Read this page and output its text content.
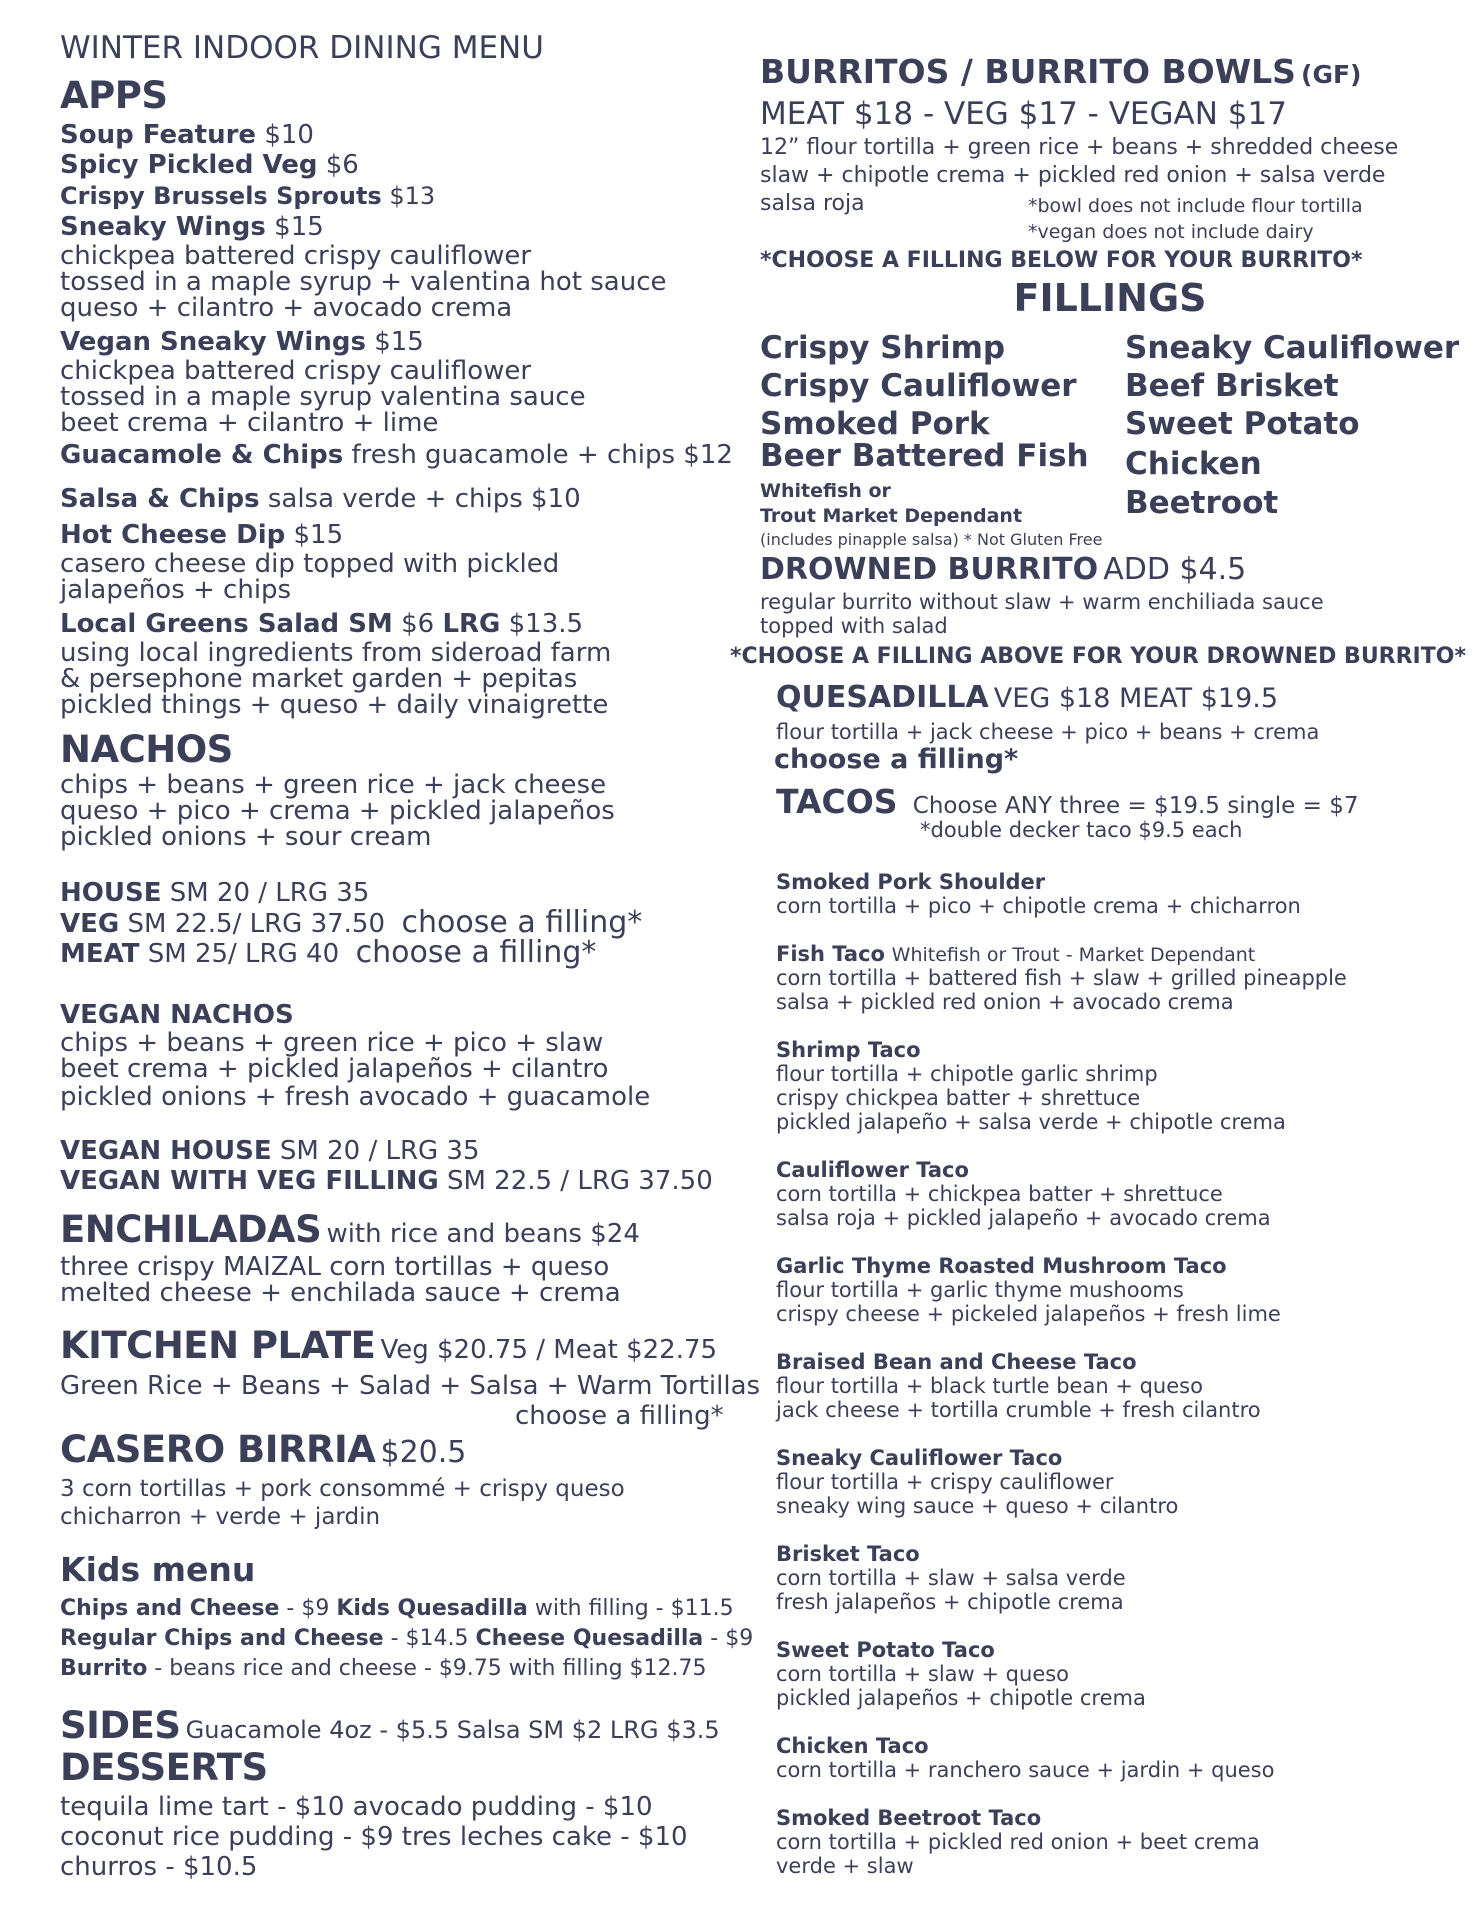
WINTER INDOOR DINING MENU
APPS
Soup Feature $10
Spicy Pickled Veg $6
Crispy Brussels Sprouts $13
Sneaky Wings $15
chickpea battered crispy cauliflower
tossed in a maple syrup + valentina hot sauce
queso + cilantro + avocado crema
Vegan Sneaky Wings $15
chickpea battered crispy cauliflower
tossed in a maple syrup valentina sauce
beet crema + cilantro + lime
Guacamole & Chips fresh guacamole + chips $12
Salsa & Chips salsa verde + chips $10
Hot Cheese Dip $15
casero cheese dip topped with pickled
jalapeños + chips
Local Greens Salad SM $6 LRG $13.5
using local ingredients from sideroad farm
& persephone market garden + pepitas
pickled things + queso + daily vinaigrette
NACHOS
chips + beans + green rice + jack cheese
queso + pico + crema + pickled jalapeños
pickled onions + sour cream
HOUSE SM 20 / LRG 35
VEG SM 22.5/ LRG 37.50 choose a filling*
MEAT SM 25/ LRG 40 choose a filling*
VEGAN NACHOS
chips + beans + green rice + pico + slaw
beet crema + pickled jalapeños + cilantro
pickled onions + fresh avocado + guacamole
VEGAN HOUSE SM 20 / LRG 35
VEGAN WITH VEG FILLING SM 22.5 / LRG 37.50
ENCHILADAS with rice and beans $24
three crispy MAIZAL corn tortillas + queso
melted cheese + enchilada sauce + crema
KITCHEN PLATE Veg $20.75 / Meat $22.75
Green Rice + Beans + Salad + Salsa + Warm Tortillas
choose a filling*
CASERO BIRRIA $20.5
3 corn tortillas + pork consommé + crispy queso
chicharron + verde + jardin
Kids menu
Chips and Cheese - $9 Kids Quesadilla with filling - $11.5
Regular Chips and Cheese - $14.5 Cheese Quesadilla - $9
Burrito - beans rice and cheese - $9.75 with filling $12.75
SIDES Guacamole 4oz - $5.5 Salsa SM $2 LRG $3.5
DESSERTS
tequila lime tart - $10 avocado pudding - $10
coconut rice pudding - $9 tres leches cake - $10
churros - $10.5
BURRITOS / BURRITO BOWLS (GF)
MEAT $18 - VEG $17 - VEGAN $17
12” flour tortilla + green rice + beans + shredded cheese
slaw + chipotle crema + pickled red onion + salsa verde
salsa roja	*bowl does not include flour tortilla
*vegan does not include dairy
*CHOOSE A FILLING BELOW FOR YOUR BURRITO*
FILLINGS
Crispy Shrimp
Crispy Cauliflower
Smoked Pork
Beer Battered Fish
Whitefish or
Trout Market Dependant
(includes pinapple salsa) * Not Gluten Free
Sneaky Cauliflower
Beef Brisket
Sweet Potato
Chicken
Beetroot
DROWNED BURRITO ADD $4.5
regular burrito without slaw + warm enchiliada sauce
topped with salad
*CHOOSE A FILLING ABOVE FOR YOUR DROWNED BURRITO*
QUESADILLA VEG $18 MEAT $19.5
flour tortilla + jack cheese + pico + beans + crema
choose a filling*
TACOS Choose ANY three = $19.5 single = $7
*double decker taco $9.5 each
Smoked Pork Shoulder
corn tortilla + pico + chipotle crema + chicharron
Fish Taco Whitefish or Trout - Market Dependant
corn tortilla + battered fish + slaw + grilled pineapple
salsa + pickled red onion + avocado crema
Shrimp Taco
flour tortilla + chipotle garlic shrimp
crispy chickpea batter + shrettuce
pickled jalapeño + salsa verde + chipotle crema
Cauliflower Taco
corn tortilla + chickpea batter + shrettuce
salsa roja + pickled jalapeño + avocado crema
Garlic Thyme Roasted Mushroom Taco
flour tortilla + garlic thyme mushooms
crispy cheese + pickeled jalapeños + fresh lime
Braised Bean and Cheese Taco
flour tortilla + black turtle bean + queso
jack cheese + tortilla crumble + fresh cilantro
Sneaky Cauliflower Taco
flour tortilla + crispy cauliflower
sneaky wing sauce + queso + cilantro
Brisket Taco
corn tortilla + slaw + salsa verde
fresh jalapeños + chipotle crema
Sweet Potato Taco
corn tortilla + slaw + queso
pickled jalapeños + chipotle crema
Chicken Taco
corn tortilla + ranchero sauce + jardin + queso
Smoked Beetroot Taco
corn tortilla + pickled red onion + beet crema
verde + slaw
